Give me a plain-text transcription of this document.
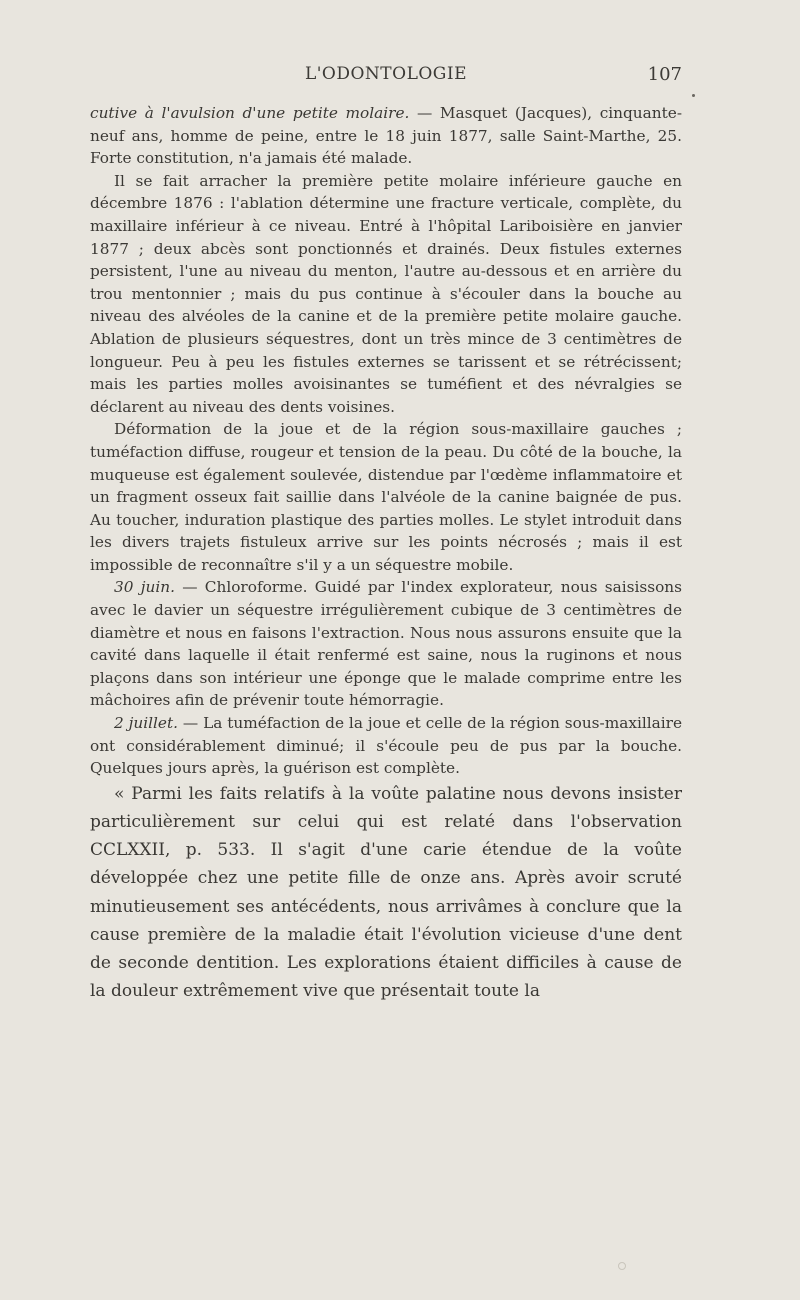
L'ODONTOLOGIE	107

cutive à l'avulsion d'une petite molaire. — Masquet (Jacques), cinquante-neuf ans, homme de peine, entre le 18 juin 1877, salle Saint-Marthe, 25. Forte constitution, n'a jamais été malade.

Il se fait arracher la première petite molaire inférieure gauche en décembre 1876 : l'ablation détermine une fracture verticale, complète, du maxillaire inférieur à ce niveau. Entré à l'hôpital Lariboisière en janvier 1877 ; deux abcès sont ponctionnés et drainés. Deux fistules externes persistent, l'une au niveau du menton, l'autre au-dessous et en arrière du trou mentonnier ; mais du pus continue à s'écouler dans la bouche au niveau des alvéoles de la canine et de la première petite molaire gauche. Ablation de plusieurs séquestres, dont un très mince de 3 centimètres de longueur. Peu à peu les fistules externes se tarissent et se rétrécissent; mais les parties molles avoisinantes se tuméfient et des névralgies se déclarent au niveau des dents voisines.

Déformation de la joue et de la région sous-maxillaire gauches ; tuméfaction diffuse, rougeur et tension de la peau. Du côté de la bouche, la muqueuse est également soulevée, distendue par l'œdème inflammatoire et un fragment osseux fait saillie dans l'alvéole de la canine baignée de pus. Au toucher, induration plastique des parties molles. Le stylet introduit dans les divers trajets fistuleux arrive sur les points nécrosés ; mais il est impossible de reconnaître s'il y a un séquestre mobile.

30 juin. — Chloroforme. Guidé par l'index explorateur, nous saisissons avec le davier un séquestre irrégulièrement cubique de 3 centimètres de diamètre et nous en faisons l'extraction. Nous nous assurons ensuite que la cavité dans laquelle il était renfermé est saine, nous la ruginons et nous plaçons dans son intérieur une éponge que le malade comprime entre les mâchoires afin de prévenir toute hémorragie.

2 juillet. — La tuméfaction de la joue et celle de la région sous-maxillaire ont considérablement diminué; il s'écoule peu de pus par la bouche. Quelques jours après, la guérison est complète.

« Parmi les faits relatifs à la voûte palatine nous devons insister particulièrement sur celui qui est relaté dans l'observation CCLXXII, p. 533. Il s'agit d'une carie étendue de la voûte développée chez une petite fille de onze ans. Après avoir scruté minutieusement ses antécédents, nous arrivâmes à conclure que la cause première de la maladie était l'évolution vicieuse d'une dent de seconde dentition. Les explorations étaient difficiles à cause de la douleur extrêmement vive que présentait toute la
